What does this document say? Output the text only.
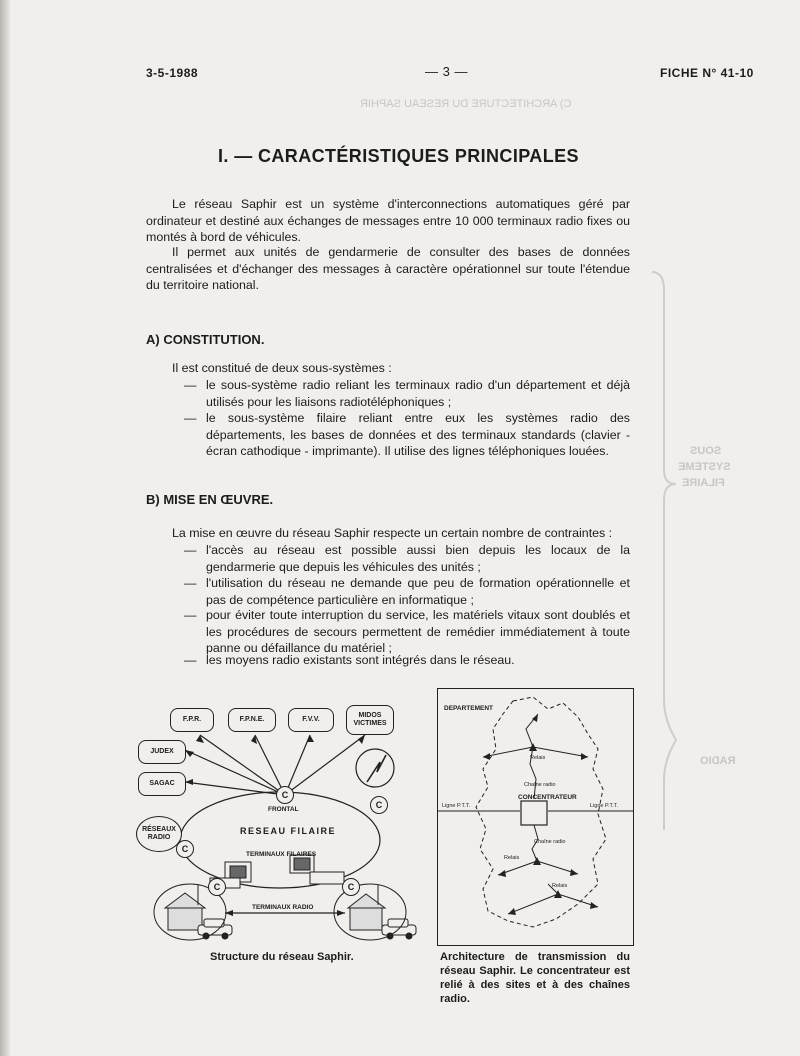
C) ARCHITECTURE DU RESEAU SAPHIR
SOUS
SYSTEME
FILAIRE
RADIO
3-5-1988	— 3 —	FICHE N° 41-10
I. — CARACTÉRISTIQUES PRINCIPALES
Le réseau Saphir est un système d'interconnections automatiques géré par ordinateur et destiné aux échanges de messages entre 10 000 terminaux radio fixes ou montés à bord de véhicules.
Il permet aux unités de gendarmerie de consulter des bases de données centralisées et d'échanger des messages à caractère opérationnel sur toute l'étendue du territoire national.
A) CONSTITUTION.
Il est constitué de deux sous-systèmes :
— le sous-système radio reliant les terminaux radio d'un département et déjà utilisés pour les liaisons radiotéléphoniques ;
— le sous-système filaire reliant entre eux les systèmes radio des départements, les bases de données et des terminaux standards (clavier - écran cathodique - imprimante). Il utilise des lignes téléphoniques louées.
B) MISE EN ŒUVRE.
La mise en œuvre du réseau Saphir respecte un certain nombre de contraintes :
— l'accès au réseau est possible aussi bien depuis les locaux de la gendarmerie que depuis les véhicules des unités ;
— l'utilisation du réseau ne demande que peu de formation opérationnelle et pas de compétence particulière en informatique ;
— pour éviter toute interruption du service, les matériels vitaux sont doublés et les procédures de secours permettent de remédier immédiatement à toute panne ou défaillance du matériel ;
— les moyens radio existants sont intégrés dans le réseau.
F.P.R.	F.P.N.E.	F.V.V.
MIDOS VICTIMES
JUDEX
SAGAC
RÉSEAUX RADIO
C
C
C
C	C
FRONTAL
RESEAU FILAIRE
TERMINAUX FILAIRES
TERMINAUX RADIO
Structure du réseau Saphir.
DEPARTEMENT
Relais
Chaîne radio
CONCENTRATEUR
Ligne P.T.T.	Ligne P.T.T.
Chaîne radio
Relais
Relais
Architecture de transmission du réseau Saphir. Le concentrateur est relié à des sites et à des chaînes radio.
